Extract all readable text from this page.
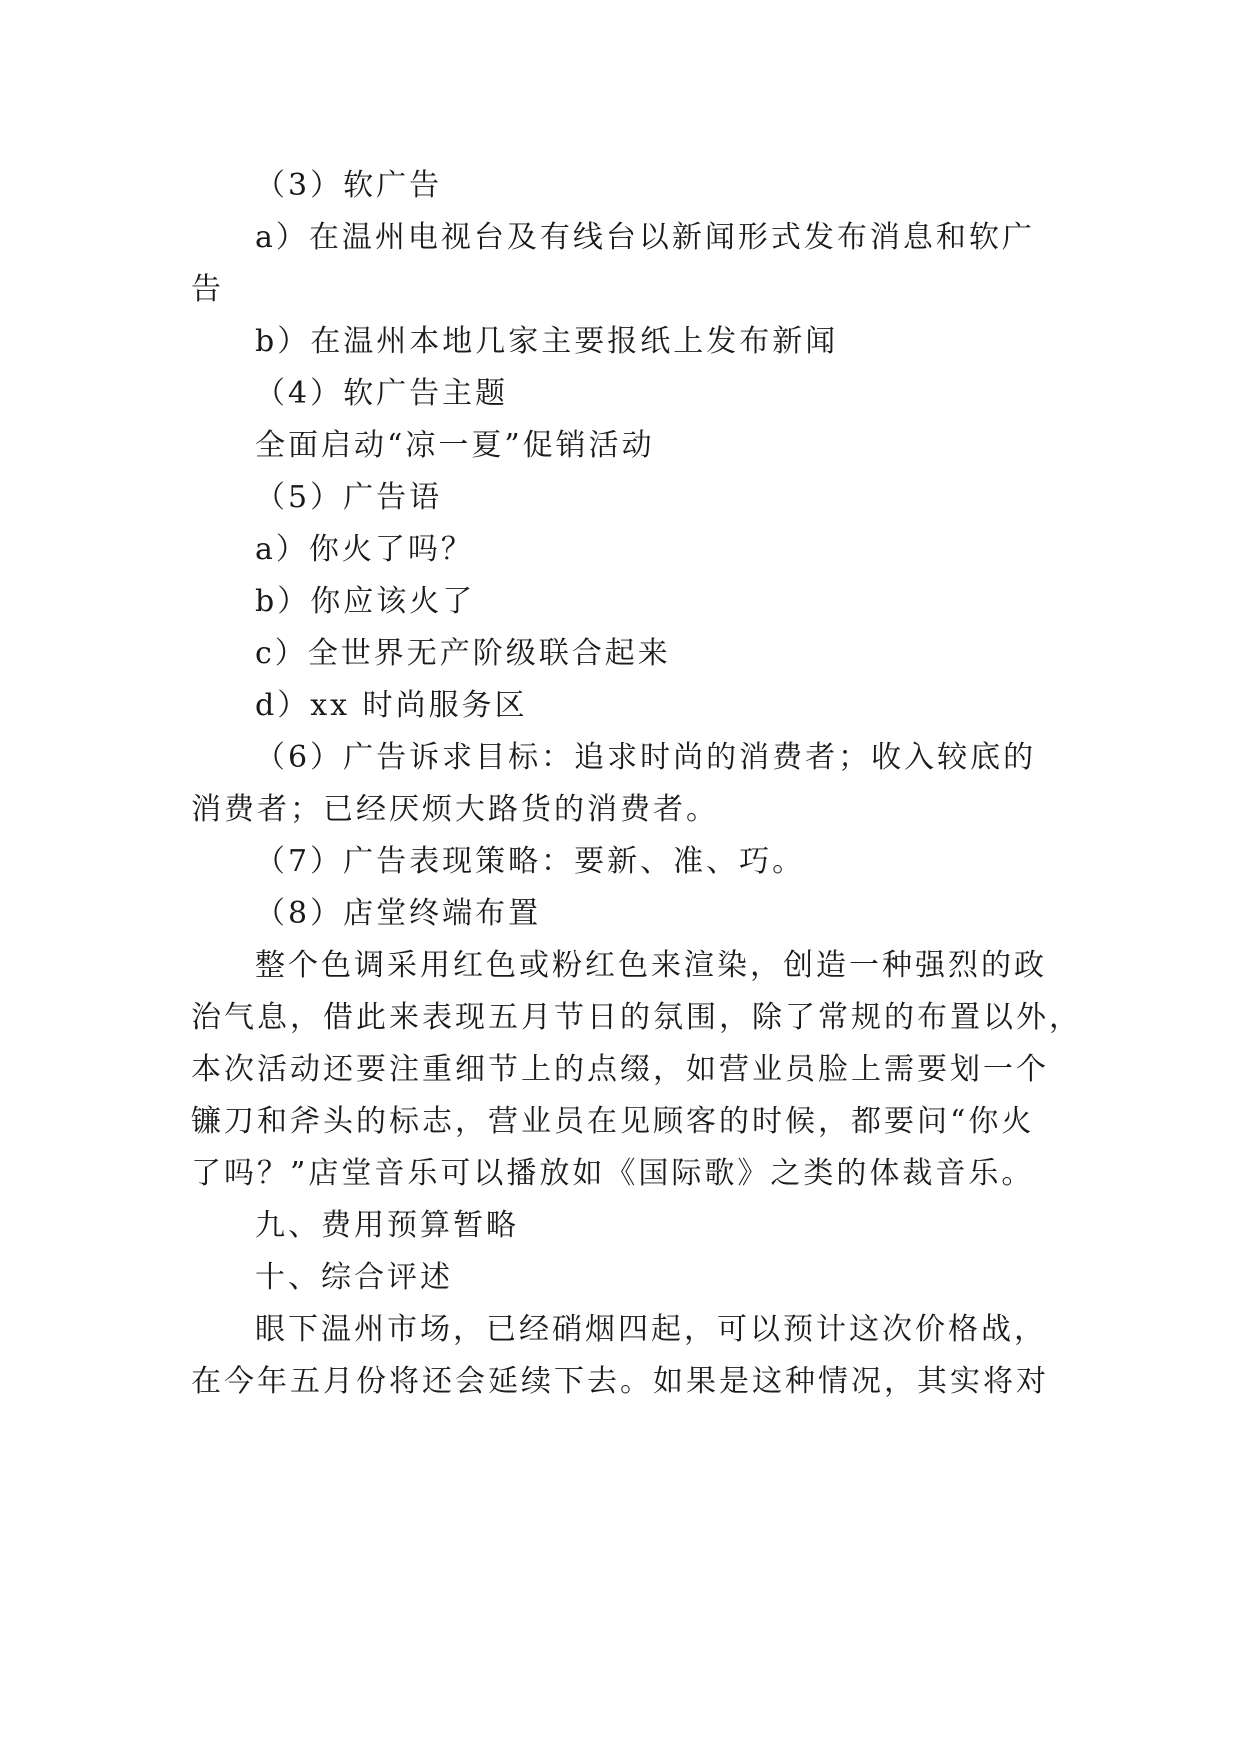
（3）软广告
a）在温州电视台及有线台以新闻形式发布消息和软广
告
b）在温州本地几家主要报纸上发布新闻
（4）软广告主题
全面启动“凉一夏”促销活动
（5）广告语
a）你火了吗？
b）你应该火了
c）全世界无产阶级联合起来
d）xx 时尚服务区
（6）广告诉求目标：追求时尚的消费者；收入较底的
消费者；已经厌烦大路货的消费者。
（7）广告表现策略：要新、准、巧。
（8）店堂终端布置
整个色调采用红色或粉红色来渲染，创造一种强烈的政
治气息，借此来表现五月节日的氛围，除了常规的布置以外，
本次活动还要注重细节上的点缀，如营业员脸上需要划一个
镰刀和斧头的标志，营业员在见顾客的时候，都要问“你火
了吗？”店堂音乐可以播放如《国际歌》之类的体裁音乐。
九、费用预算暂略
十、综合评述
眼下温州市场，已经硝烟四起，可以预计这次价格战，
在今年五月份将还会延续下去。如果是这种情况，其实将对
